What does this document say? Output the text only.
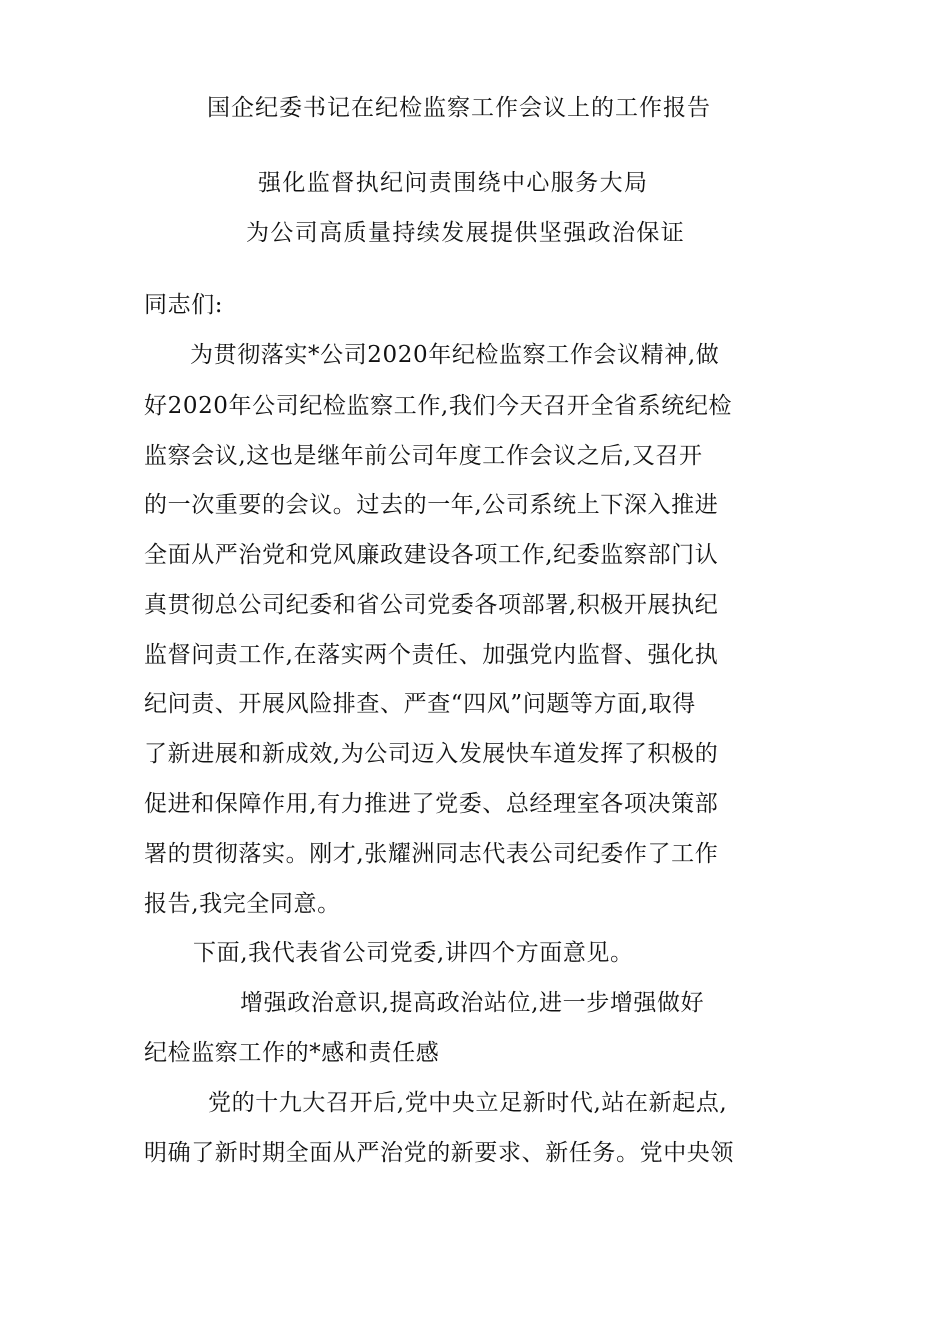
国企纪委书记在纪检监察工作会议上的工作报告
强化监督执纪问责围绕中心服务大局
为公司高质量持续发展提供坚强政治保证
同志们:
为贯彻落实*公司2020年纪检监察工作会议精神,做
好2020年公司纪检监察工作,我们今天召开全省系统纪检
监察会议,这也是继年前公司年度工作会议之后,又召开
的一次重要的会议。过去的一年,公司系统上下深入推进
全面从严治党和党风廉政建设各项工作,纪委监察部门认
真贯彻总公司纪委和省公司党委各项部署,积极开展执纪
监督问责工作,在落实两个责任、加强党内监督、强化执
纪问责、开展风险排查、严查“四风”问题等方面,取得
了新进展和新成效,为公司迈入发展快车道发挥了积极的
促进和保障作用,有力推进了党委、总经理室各项决策部
署的贯彻落实。刚才,张耀洲同志代表公司纪委作了工作
报告,我完全同意。
下面,我代表省公司党委,讲四个方面意见。
增强政治意识,提高政治站位,进一步增强做好
纪检监察工作的*感和责任感
党的十九大召开后,党中央立足新时代,站在新起点,
明确了新时期全面从严治党的新要求、新任务。党中央领
